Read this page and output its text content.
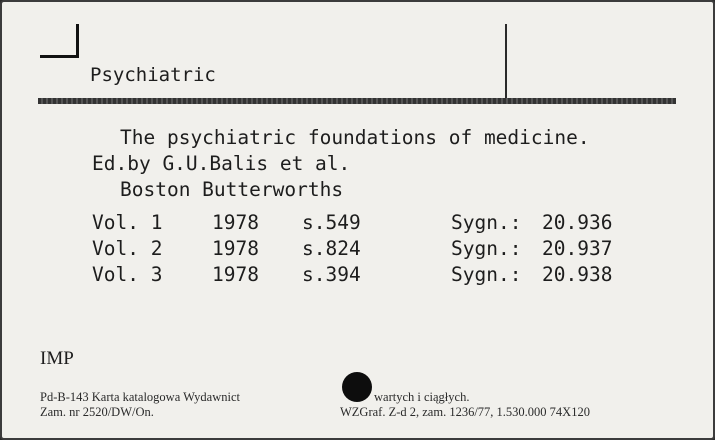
Psychiatric
The psychiatric foundations of medicine.
Ed.by G.U.Balis et al.
Boston Butterworths
Vol. 1	1978 s.549	Sygn.: 20.936
Vol. 2	1978 s.824	Sygn.: 20.937
Vol. 3	1978 s.394	Sygn.: 20.938
IMP
Pd-B-143 Karta katalogowa Wydawnict	wartych i ciągłych.
Zam. nr 2520/DW/On.	WZGraf. Z-d 2, zam. 1236/77, 1.530.000 74X120
